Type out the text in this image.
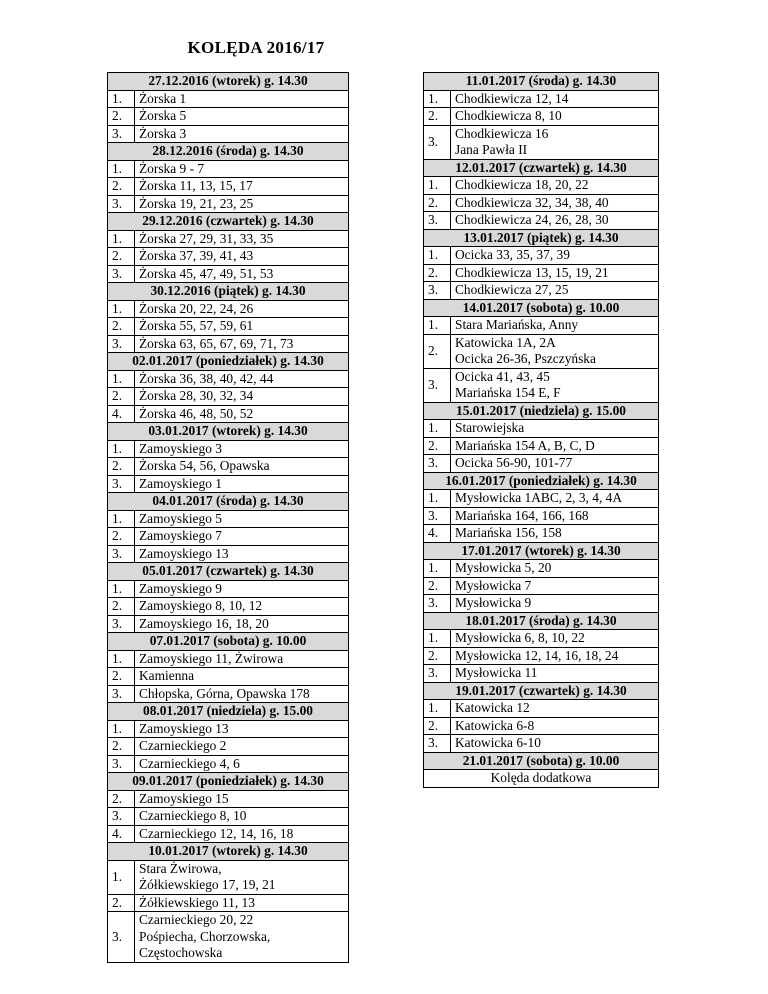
KOLĘDA 2016/17
27.12.2016 (wtorek) g. 14.30	
1.	Żorska 1

2.	Żorska 5

3.	Żorska 3

28.12.2016 (środa) g. 14.30	
1.	Żorska 9 - 7

2.	Żorska 11, 13, 15, 17

3.	Żorska 19, 21, 23, 25

29.12.2016 (czwartek) g. 14.30	
1.	Żorska 27, 29, 31, 33, 35

2.	Żorska 37, 39, 41, 43

3.	Żorska 45, 47, 49, 51, 53

30.12.2016 (piątek) g. 14.30	
1.	Żorska 20, 22, 24, 26

2.	Żorska 55, 57, 59, 61

3.	Żorska 63, 65, 67, 69, 71, 73

02.01.2017 (poniedziałek) g. 14.30	
1.	Żorska 36, 38, 40, 42, 44

2.	Żorska 28, 30, 32, 34

4.	Żorska 46, 48, 50, 52

03.01.2017 (wtorek) g. 14.30	
1.	Zamoyskiego 3

2.	Żorska 54, 56, Opawska

3.	Zamoyskiego 1

04.01.2017 (środa) g. 14.30	
1.	Zamoyskiego 5

2.	Zamoyskiego 7

3.	Zamoyskiego 13

05.01.2017 (czwartek) g. 14.30	
1.	Zamoyskiego 9

2.	Zamoyskiego 8, 10, 12

3.	Zamoyskiego 16, 18, 20

07.01.2017 (sobota) g. 10.00	
1.	Zamoyskiego 11, Żwirowa

2.	Kamienna

3.	Chłopska, Górna, Opawska 178

08.01.2017 (niedziela) g. 15.00	
1.	Zamoyskiego 13

2.	Czarnieckiego 2

3.	Czarnieckiego 4, 6

09.01.2017 (poniedziałek) g. 14.30	
2.	Zamoyskiego 15

3.	Czarnieckiego 8, 10

4.	Czarnieckiego 12, 14, 16, 18

10.01.2017 (wtorek) g. 14.30	
1.	Stara Żwirowa,
Żółkiewskiego 17, 19, 21

2.	Żółkiewskiego 11, 13

3.	Czarnieckiego 20, 22
Pośpiecha, Chorzowska,
Częstochowska
11.01.2017 (środa) g. 14.30	
1.	Chodkiewicza 12, 14

2.	Chodkiewicza 8, 10

3.	Chodkiewicza 16
Jana Pawła II

12.01.2017 (czwartek) g. 14.30	
1.	Chodkiewicza 18, 20, 22

2.	Chodkiewicza 32, 34, 38, 40

3.	Chodkiewicza 24, 26, 28, 30

13.01.2017 (piątek) g. 14.30	
1.	Ocicka 33, 35, 37, 39

2.	Chodkiewicza 13, 15, 19, 21

3.	Chodkiewicza 27, 25

14.01.2017 (sobota) g. 10.00	
1.	Stara Mariańska, Anny

2.	Katowicka 1A, 2A
Ocicka 26-36, Pszczyńska

3.	Ocicka 41, 43, 45
Mariańska 154 E, F

15.01.2017 (niedziela) g. 15.00	
1.	Starowiejska

2.	Mariańska 154 A, B, C, D

3.	Ocicka 56-90, 101-77

16.01.2017 (poniedziałek) g. 14.30	
1.	Mysłowicka 1ABC, 2, 3, 4, 4A

3.	Mariańska 164, 166, 168

4.	Mariańska 156, 158

17.01.2017 (wtorek) g. 14.30	
1.	Mysłowicka 5, 20

2.	Mysłowicka 7

3.	Mysłowicka 9

18.01.2017 (środa) g. 14.30	
1.	Mysłowicka 6, 8, 10, 22

2.	Mysłowicka 12, 14, 16, 18, 24

3.	Mysłowicka 11

19.01.2017 (czwartek) g. 14.30	
1.	Katowicka 12

2.	Katowicka 6-8

3.	Katowicka 6-10

21.01.2017 (sobota) g. 10.00	
Kolęda dodatkowa	
